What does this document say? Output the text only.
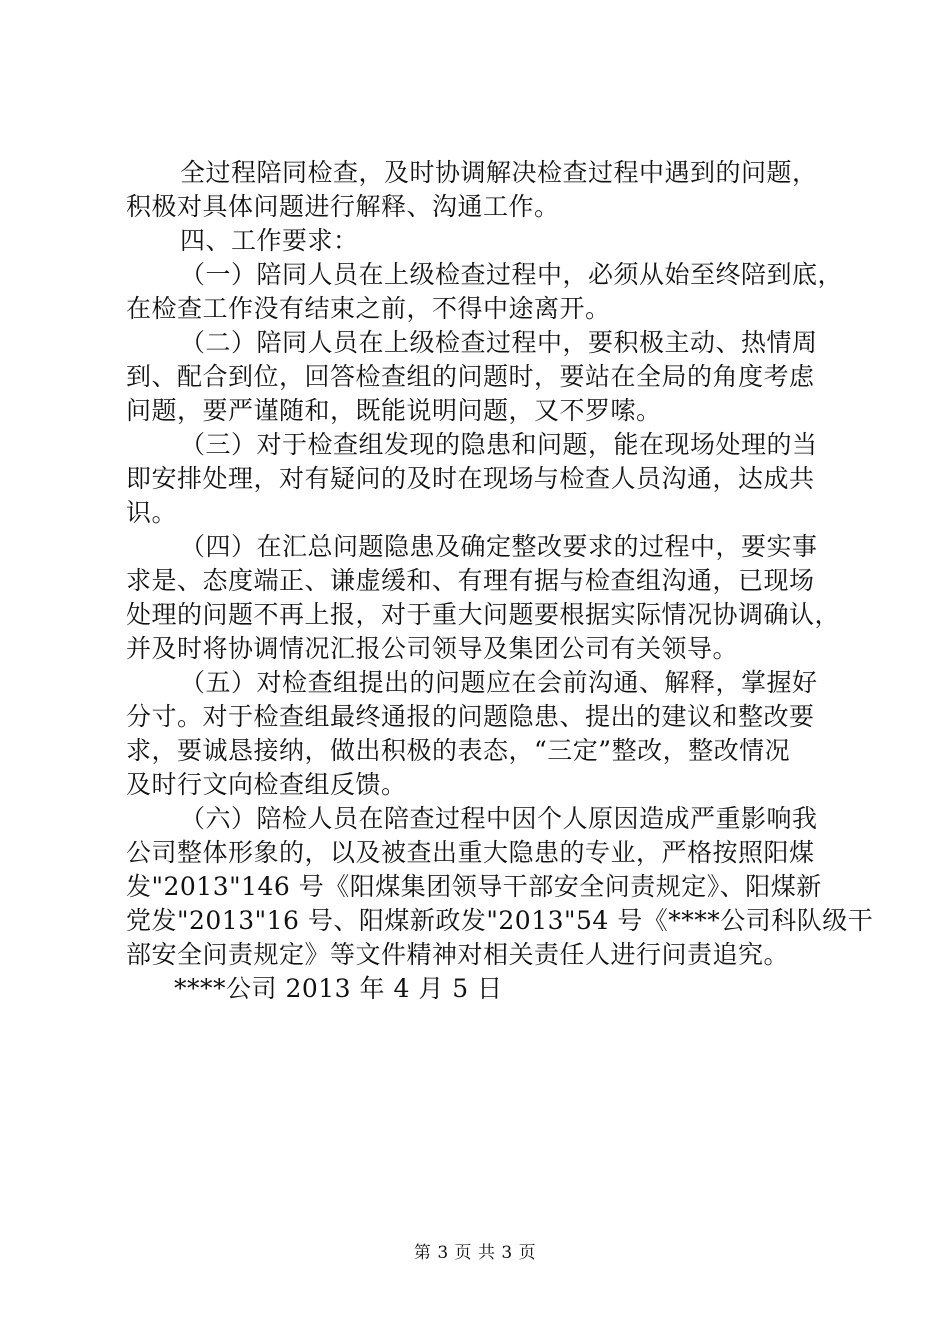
全过程陪同检查，及时协调解决检查过程中遇到的问题，
积极对具体问题进行解释、沟通工作。
四、工作要求：
（一）陪同人员在上级检查过程中，必须从始至终陪到底，
在检查工作没有结束之前，不得中途离开。
（二）陪同人员在上级检查过程中，要积极主动、热情周
到、配合到位，回答检查组的问题时，要站在全局的角度考虑
问题，要严谨随和，既能说明问题，又不罗嗦。
（三）对于检查组发现的隐患和问题，能在现场处理的当
即安排处理，对有疑问的及时在现场与检查人员沟通，达成共
识。
（四）在汇总问题隐患及确定整改要求的过程中，要实事
求是、态度端正、谦虚缓和、有理有据与检查组沟通，已现场
处理的问题不再上报，对于重大问题要根据实际情况协调确认，
并及时将协调情况汇报公司领导及集团公司有关领导。
（五）对检查组提出的问题应在会前沟通、解释，掌握好
分寸。对于检查组最终通报的问题隐患、提出的建议和整改要
求，要诚恳接纳，做出积极的表态，“三定”整改，整改情况
及时行文向检查组反馈。
（六）陪检人员在陪查过程中因个人原因造成严重影响我
公司整体形象的，以及被查出重大隐患的专业，严格按照阳煤
发"2013"146 号《阳煤集团领导干部安全问责规定》、阳煤新
党发"2013"16 号、阳煤新政发"2013"54 号《****公司科队级干
部安全问责规定》等文件精神对相关责任人进行问责追究。
****公司 2013 年 4 月 5 日
第 3 页 共 3 页
